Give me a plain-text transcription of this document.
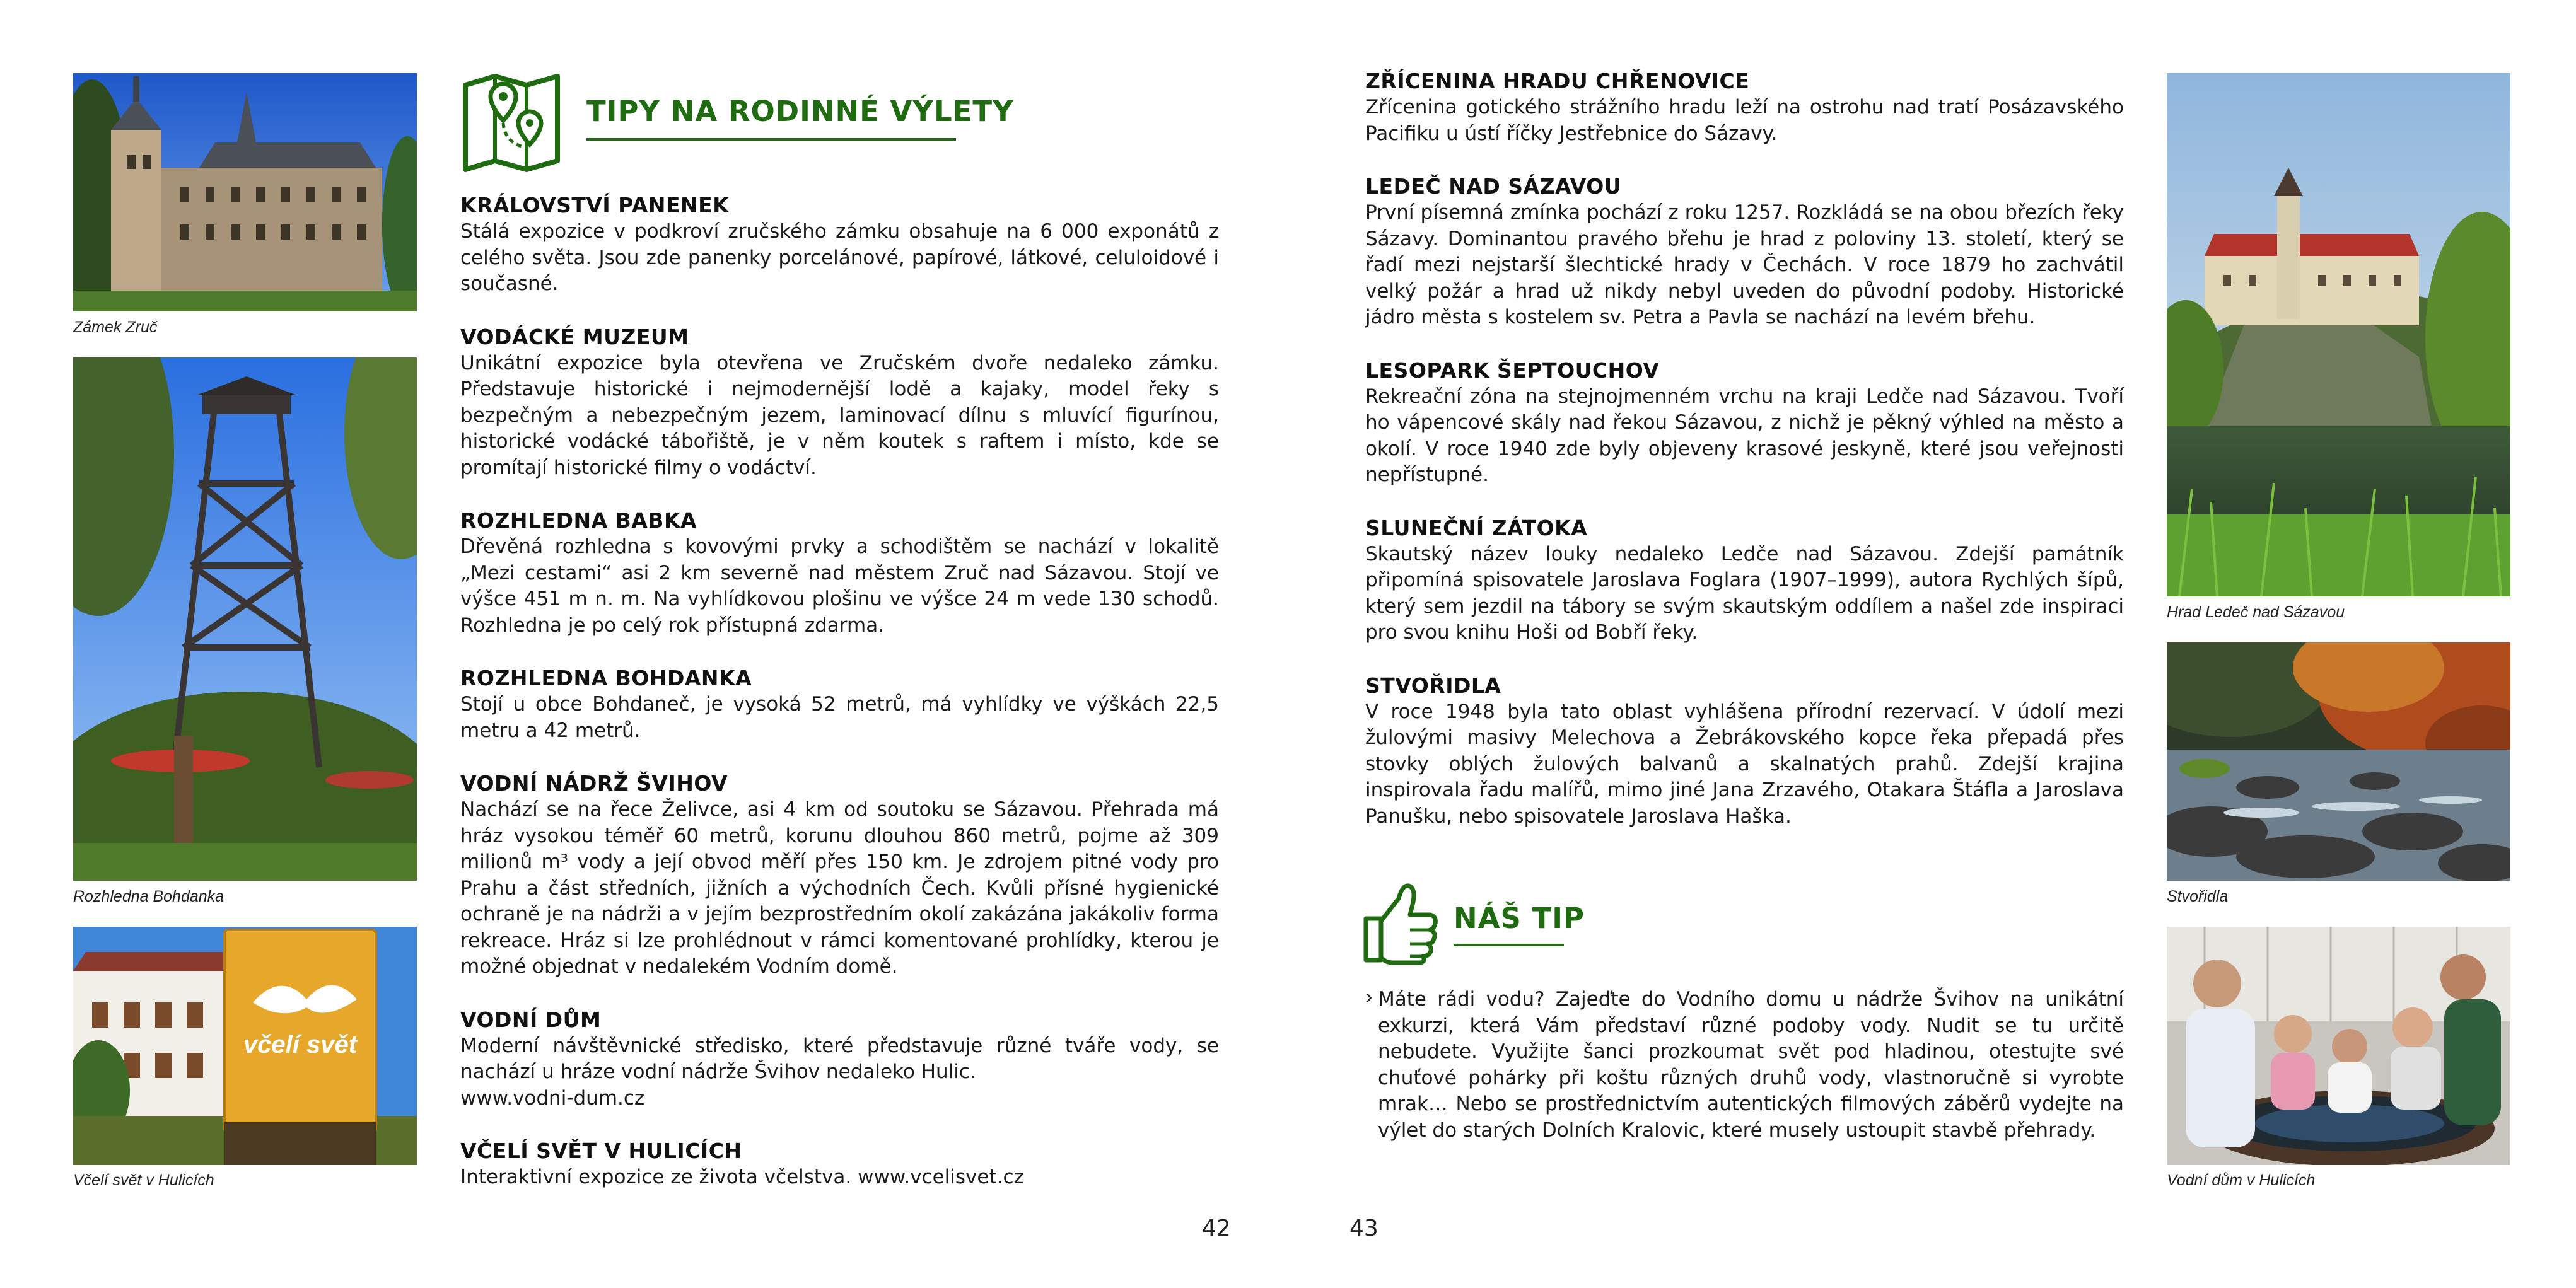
Zámek Zruč
Rozhledna Bohdanka
včelí svět
Včelí svět v Hulicích
TIPY NA RODINNÉ VÝLETY
KRÁLOVSTVÍ PANENEK
Stálá expozice v podkroví zručského zámku obsahuje na 6 000 exponátů z celého světa. Jsou zde panenky porcelánové, papírové, látkové, celuloidové i současné.
VODÁCKÉ MUZEUM
Unikátní expozice byla otevřena ve Zručském dvoře nedaleko zámku. Představuje historické i nejmodernější lodě a kajaky, model řeky s bezpečným a nebezpečným jezem, laminovací dílnu s mluvící figurínou, historické vodácké tábořiště, je v něm koutek s raftem i místo, kde se promítají historické filmy o vodáctví.
ROZHLEDNA BABKA
Dřevěná rozhledna s kovovými prvky a schodištěm se nachází v lokalitě „Mezi cestami“ asi 2 km severně nad městem Zruč nad Sázavou. Stojí ve výšce 451 m n. m. Na vyhlídkovou plošinu ve výšce 24 m vede 130 schodů. Rozhledna je po celý rok přístupná zdarma.
ROZHLEDNA BOHDANKA
Stojí u obce Bohdaneč, je vysoká 52 metrů, má vyhlídky ve výškách 22,5 metru a 42 metrů.
VODNÍ NÁDRŽ ŠVIHOV
Nachází se na řece Želivce, asi 4 km od soutoku se Sázavou. Přehrada má hráz vysokou téměř 60 metrů, korunu dlouhou 860 metrů, pojme až 309 milionů m³ vody a její obvod měří přes 150 km. Je zdrojem pitné vody pro Prahu a část středních, jižních a východních Čech. Kvůli přísné hygienické ochraně je na nádrži a v jejím bezprostředním okolí zakázána jakákoliv forma rekreace. Hráz si lze prohlédnout v rámci komentované prohlídky, kterou je možné objednat v nedalekém Vodním domě.
VODNÍ DŮM
Moderní návštěvnické středisko, které představuje různé tváře vody, se nachází u hráze vodní nádrže Švihov nedaleko Hulic.
www.vodni-dum.cz
VČELÍ SVĚT V HULICÍCH
Interaktivní expozice ze života včelstva. www.vcelisvet.cz
42
ZŘÍCENINA HRADU CHŘENOVICE
Zřícenina gotického strážního hradu leží na ostrohu nad tratí Posázavského Pacifiku u ústí říčky Jestřebnice do Sázavy.
LEDEČ NAD SÁZAVOU
První písemná zmínka pochází z roku 1257. Rozkládá se na obou březích řeky Sázavy. Dominantou pravého břehu je hrad z poloviny 13. století, který se řadí mezi nejstarší šlechtické hrady v Čechách. V roce 1879 ho zachvátil velký požár a hrad už nikdy nebyl uveden do původní podoby. Historické jádro města s kostelem sv. Petra a Pavla se nachází na levém břehu.
LESOPARK ŠEPTOUCHOV
Rekreační zóna na stejnojmenném vrchu na kraji Ledče nad Sázavou. Tvoří ho vápencové skály nad řekou Sázavou, z nichž je pěkný výhled na město a okolí. V roce 1940 zde byly objeveny krasové jeskyně, které jsou veřejnosti nepřístupné.
SLUNEČNÍ ZÁTOKA
Skautský název louky nedaleko Ledče nad Sázavou. Zdejší památník připomíná spisovatele Jaroslava Foglara (1907–1999), autora Rychlých šípů, který sem jezdil na tábory se svým skautským oddílem a našel zde inspiraci pro svou knihu Hoši od Bobří řeky.
STVOŘIDLA
V roce 1948 byla tato oblast vyhlášena přírodní rezervací. V údolí mezi žulovými masivy Melechova a Žebrákovského kopce řeka přepadá přes stovky oblých žulových balvanů a skalnatých prahů. Zdejší krajina inspirovala řadu malířů, mimo jiné Jana Zrzavého, Otakara Štáfla a Jaroslava Panušku, nebo spisovatele Jaroslava Haška.
NÁŠ TIP
› Máte rádi vodu? Zajeďte do Vodního domu u nádrže Švihov na unikátní exkurzi, která Vám představí různé podoby vody. Nudit se tu určitě nebudete. Využijte šanci prozkoumat svět pod hladinou, otestujte své chuťové pohárky při koštu různých druhů vody, vlastnoručně si vyrobte mrak… Nebo se prostřednictvím autentických filmových záběrů vydejte na výlet do starých Dolních Kralovic, které musely ustoupit stavbě přehrady.
Hrad Ledeč nad Sázavou
Stvořidla
Vodní dům v Hulicích
43
